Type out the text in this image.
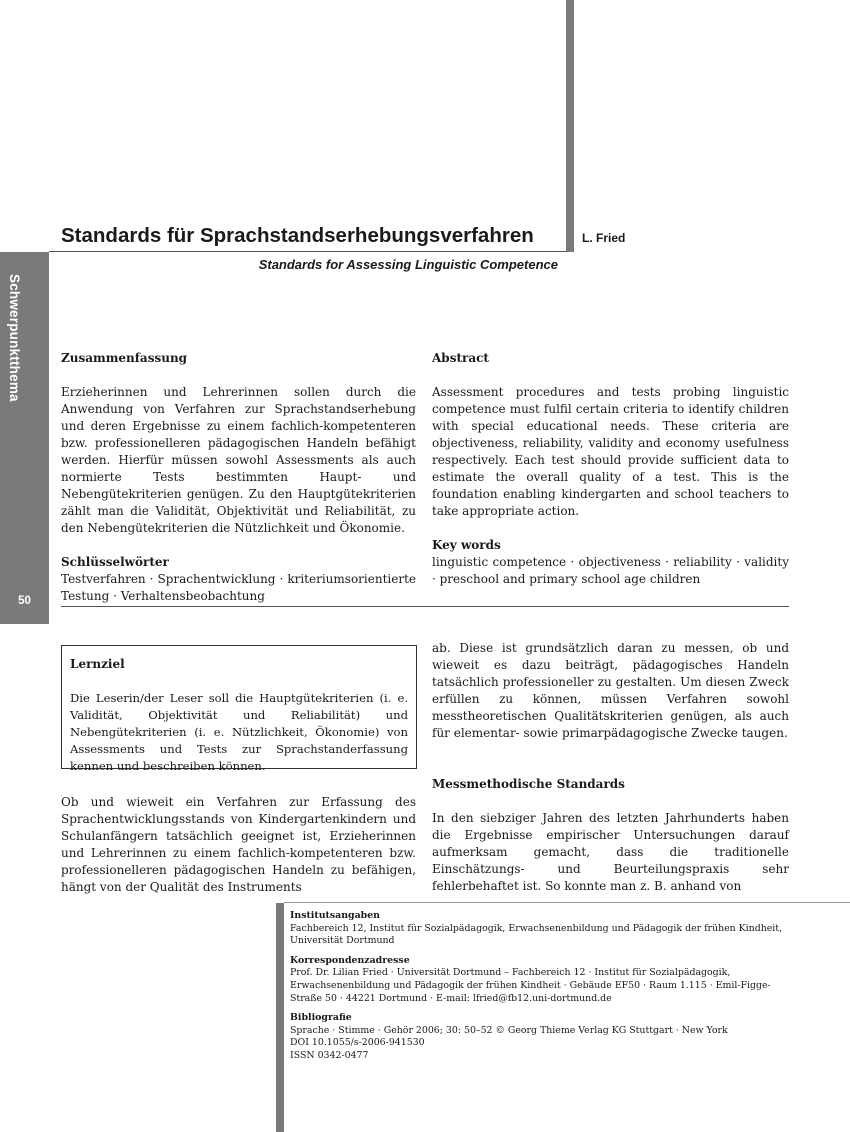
Schwerpunktthema
50
Standards für Sprachstandserhebungsverfahren	L. Fried
Standards for Assessing Linguistic Competence
Zusammenfassung
Erzieherinnen und Lehrerinnen sollen durch die Anwendung von Verfahren zur Sprachstandserhebung und deren Ergebnisse zu einem fachlich-kompetenteren bzw. professionelleren pädagogischen Handeln befähigt werden. Hierfür müssen sowohl Assessments als auch normierte Tests bestimmten Haupt- und Nebengütekriterien genügen. Zu den Hauptgütekriterien zählt man die Validität, Objektivität und Reliabilität, zu den Nebengütekriterien die Nützlichkeit und Ökonomie.
Schlüsselwörter
Testverfahren · Sprachentwicklung · kriteriumsorientierte Testung · Verhaltensbeobachtung
Abstract
Assessment procedures and tests probing linguistic competence must fulfil certain criteria to identify children with special educational needs. These criteria are objectiveness, reliability, validity and economy usefulness respectively. Each test should provide sufficient data to estimate the overall quality of a test. This is the foundation enabling kindergarten and school teachers to take appropriate action.
Key words
linguistic competence · objectiveness · reliability · validity · preschool and primary school age children
Lernziel
Die Leserin/der Leser soll die Hauptgütekriterien (i. e. Validität, Objektivität und Reliabilität) und Nebengütekriterien (i. e. Nützlichkeit, Ökonomie) von Assessments und Tests zur Sprachstanderfassung kennen und beschreiben können.
Ob und wieweit ein Verfahren zur Erfassung des Sprachentwicklungsstands von Kindergartenkindern und Schulanfängern tatsächlich geeignet ist, Erzieherinnen und Lehrerinnen zu einem fachlich-kompetenteren bzw. professionelleren pädagogischen Handeln zu befähigen, hängt von der Qualität des Instruments
ab. Diese ist grundsätzlich daran zu messen, ob und wieweit es dazu beiträgt, pädagogisches Handeln tatsächlich professioneller zu gestalten. Um diesen Zweck erfüllen zu können, müssen Verfahren sowohl messtheoretischen Qualitätskriterien genügen, als auch für elementar- sowie primarpädagogische Zwecke taugen.
Messmethodische Standards
In den siebziger Jahren des letzten Jahrhunderts haben die Ergebnisse empirischer Untersuchungen darauf aufmerksam gemacht, dass die traditionelle Einschätzungs- und Beurteilungspraxis sehr fehlerbehaftet ist. So konnte man z. B. anhand von
Institutsangaben
Fachbereich 12, Institut für Sozialpädagogik, Erwachsenenbildung und Pädagogik der frühen Kindheit, Universität Dortmund
Korrespondenzadresse
Prof. Dr. Lilian Fried · Universität Dortmund – Fachbereich 12 · Institut für Sozialpädagogik, Erwachsenenbildung und Pädagogik der frühen Kindheit · Gebäude EF50 · Raum 1.115 · Emil-Figge-Straße 50 · 44221 Dortmund · E-mail: lfried@fb12.uni-dortmund.de
Bibliografie
Sprache · Stimme · Gehör 2006; 30: 50–52 © Georg Thieme Verlag KG Stuttgart · New York
DOI 10.1055/s-2006-941530
ISSN 0342-0477
